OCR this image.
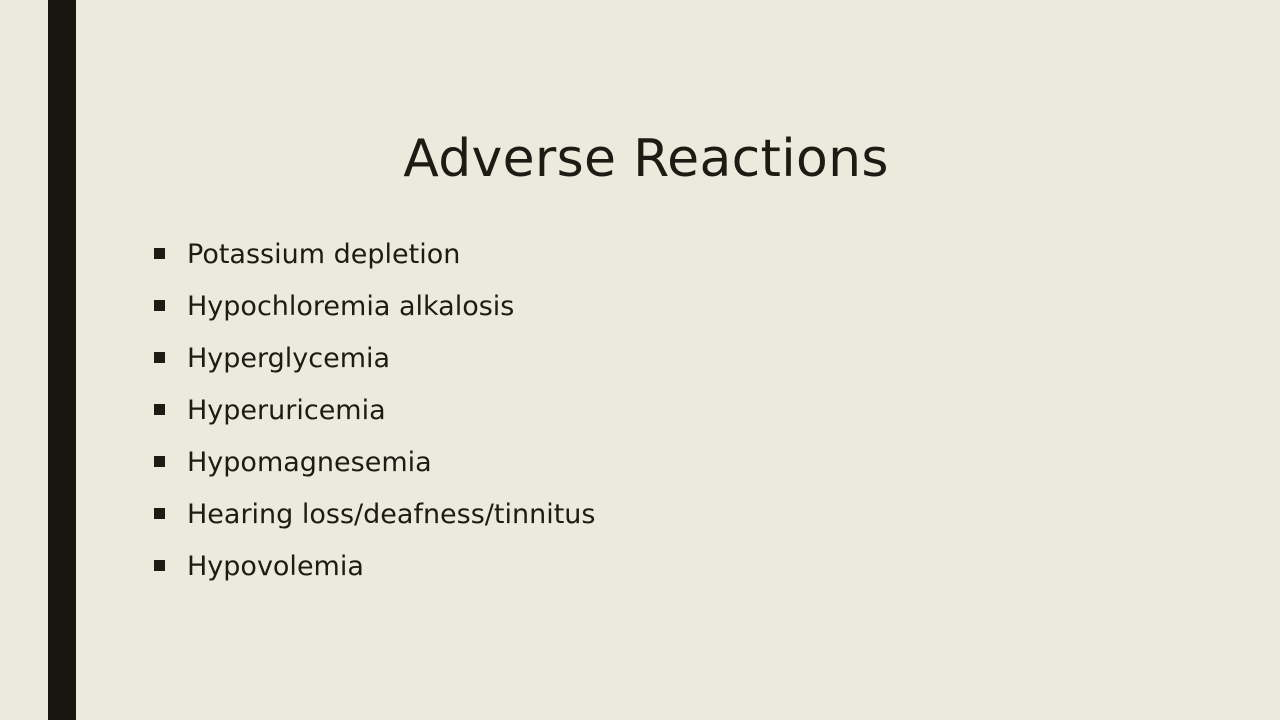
Adverse Reactions
Potassium depletion
Hypochloremia alkalosis
Hyperglycemia
Hyperuricemia
Hypomagnesemia
Hearing loss/deafness/tinnitus
Hypovolemia
